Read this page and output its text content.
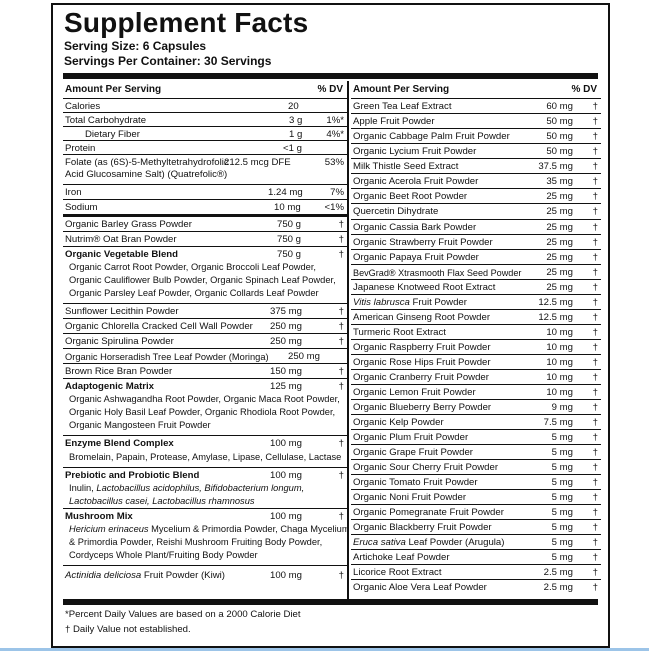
Supplement Facts
Serving Size: 6 Capsules
Servings Per Container: 30 Servings
Amount Per Serving	% DV
Calories	20
Total Carbohydrate	3 g	1%*
Dietary Fiber	1 g	4%*
Protein	<1 g
Folate (as (6S)-5-Methyltetrahydrofolic
Acid Glucosamine Salt) (Quatrefolic®)
212.5 mcg DFE	53%
Iron	1.24 mg	7%
Sodium	10 mg <1%
Organic Barley Grass Powder	750 g	†
Nutrim® Oat Bran Powder	750 g	†
Organic Vegetable Blend	750 g	†
Organic Carrot Root Powder, Organic Broccoli Leaf Powder,
Organic Cauliflower Bulb Powder, Organic Spinach Leaf Powder,
Organic Parsley Leaf Powder, Organic Collards Leaf Powder
Sunflower Lecithin Powder	375 mg	†
Organic Chlorella Cracked Cell Wall Powder 250 mg	†
Organic Spirulina Powder	250 mg	†
Organic Horseradish Tree Leaf Powder (Moringa) 250 mg
Brown Rice Bran Powder	150 mg	†
Adaptogenic Matrix	125 mg	†
Organic Ashwagandha Root Powder, Organic Maca Root Powder,
Organic Holy Basil Leaf Powder, Organic Rhodiola Root Powder,
Organic Mangosteen Fruit Powder
Enzyme Blend Complex	100 mg	†
Bromelain, Papain, Protease, Amylase, Lipase, Cellulase, Lactase
Prebiotic and Probiotic Blend	100 mg	†
Inulin, Lactobacillus acidophilus, Bifidobacterium longum,
Lactobacillus casei, Lactobacillus rhamnosus
Mushroom Mix	100 mg	†
Hericium erinaceus Mycelium & Primordia Powder, Chaga Mycelium
& Primordia Powder, Reishi Mushroom Fruiting Body Powder,
Cordyceps Whole Plant/Fruiting Body Powder
Actinidia deliciosa Fruit Powder (Kiwi)	100 mg	†
Amount Per Serving	% DV
Green Tea Leaf Extract	60 mg †
Apple Fruit Powder	50 mg †
Organic Cabbage Palm Fruit Powder	50 mg †
Organic Lycium Fruit Powder	50 mg †
Milk Thistle Seed Extract	37.5 mg †
Organic Acerola Fruit Powder	35 mg †
Organic Beet Root Powder	25 mg †
Quercetin Dihydrate	25 mg †
Organic Cassia Bark Powder	25 mg †
Organic Strawberry Fruit Powder	25 mg †
Organic Papaya Fruit Powder	25 mg †
BevGrad® Xtrasmooth Flax Seed Powder	25 mg †
Japanese Knotweed Root Extract	25 mg †
Vitis labrusca Fruit Powder	12.5 mg †
American Ginseng Root Powder	12.5 mg †
Turmeric Root Extract	10 mg †
Organic Raspberry Fruit Powder	10 mg †
Organic Rose Hips Fruit Powder	10 mg †
Organic Cranberry Fruit Powder	10 mg †
Organic Lemon Fruit Powder	10 mg †
Organic Blueberry Berry Powder	9 mg †
Organic Kelp Powder	7.5 mg †
Organic Plum Fruit Powder	5 mg †
Organic Grape Fruit Powder	5 mg †
Organic Sour Cherry Fruit Powder	5 mg †
Organic Tomato Fruit Powder	5 mg †
Organic Noni Fruit Powder	5 mg †
Organic Pomegranate Fruit Powder	5 mg †
Organic Blackberry Fruit Powder	5 mg †
Eruca sativa Leaf Powder (Arugula)	5 mg †
Artichoke Leaf Powder	5 mg †
Licorice Root Extract	2.5 mg †
Organic Aloe Vera Leaf Powder	2.5 mg †
*Percent Daily Values are based on a 2000 Calorie Diet
† Daily Value not established.
